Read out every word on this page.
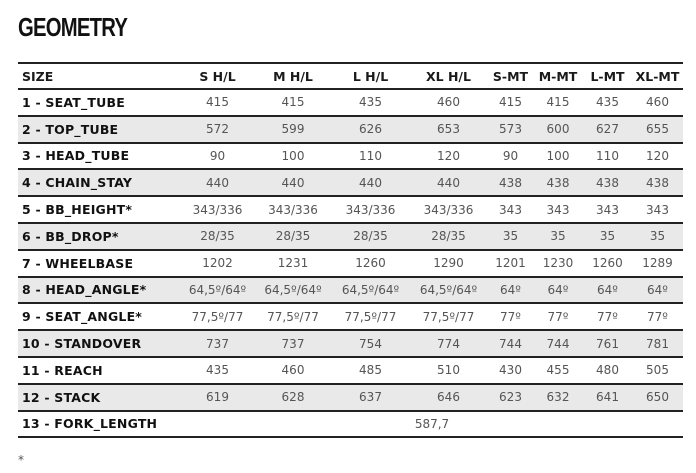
GEOMETRY
SIZE	S H/L	M H/L	L H/L	XL H/L	S-MT	M-MT	L-MT	XL-MT
1 - SEAT_TUBE	415	415	435	460	415	415	435	460
2 - TOP_TUBE	572	599	626	653	573	600	627	655
3 - HEAD_TUBE	90	100	110	120	90	100	110	120
4 - CHAIN_STAY	440	440	440	440	438	438	438	438
5 - BB_HEIGHT*	343/336	343/336	343/336	343/336	343	343	343	343
6 - BB_DROP*	28/35	28/35	28/35	28/35	35	35	35	35
7 - WHEELBASE	1202	1231	1260	1290	1201	1230	1260	1289
8 - HEAD_ANGLE*	64,5º/64º	64,5º/64º	64,5º/64º	64,5º/64º	64º	64º	64º	64º
9 - SEAT_ANGLE*	77,5º/77	77,5º/77	77,5º/77	77,5º/77	77º	77º	77º	77º
10 - STANDOVER	737	737	754	774	744	744	761	781
11 - REACH	435	460	485	510	430	455	480	505
12 - STACK	619	628	637	646	623	632	641	650
13 - FORK_LENGTH	587,7							
*
